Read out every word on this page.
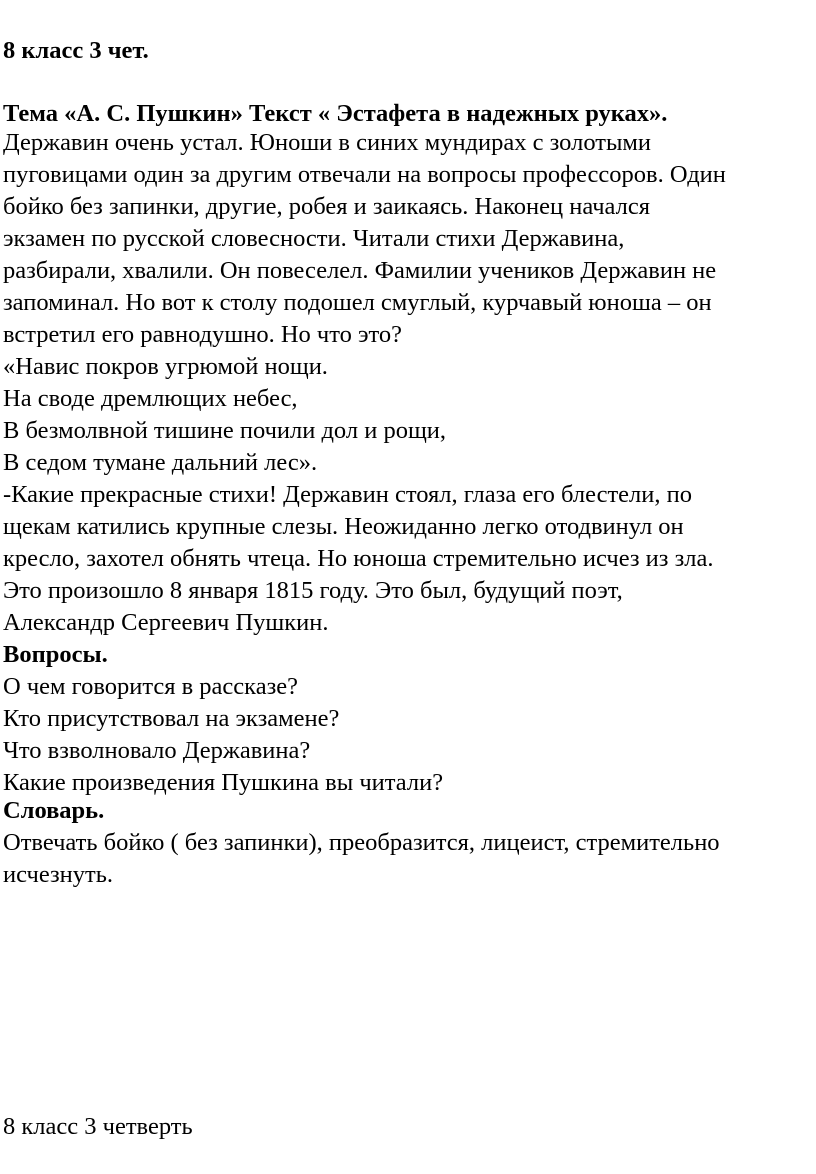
8 класс 3 чет.
Тема «А. С. Пушкин» Текст « Эстафета в надежных руках».
Державин очень устал. Юноши в синих мундирах с золотыми
пуговицами один за другим отвечали на вопросы профессоров. Один
бойко без запинки, другие, робея и заикаясь. Наконец начался
экзамен по русской словесности. Читали стихи Державина,
разбирали, хвалили. Он повеселел. Фамилии учеников Державин не
запоминал. Но вот к столу подошел смуглый, курчавый юноша – он
встретил его равнодушно. Но что это?
«Навис покров угрюмой нощи.
На своде дремлющих небес,
В безмолвной тишине почили дол и рощи,
В седом тумане дальний лес».
-Какие прекрасные стихи! Державин стоял, глаза его блестели, по
щекам катились крупные слезы. Неожиданно легко отодвинул он
кресло, захотел обнять чтеца. Но юноша стремительно исчез из зла.
Это произошло 8 января 1815 году. Это был, будущий поэт,
Александр Сергеевич Пушкин.
Вопросы.
О чем говорится в рассказе?
Кто присутствовал на экзамене?
Что взволновало Державина?
Какие произведения Пушкина вы читали?
Словарь.
Отвечать бойко ( без запинки), преобразится, лицеист, стремительно
исчезнуть.
8 класс 3 четверть
